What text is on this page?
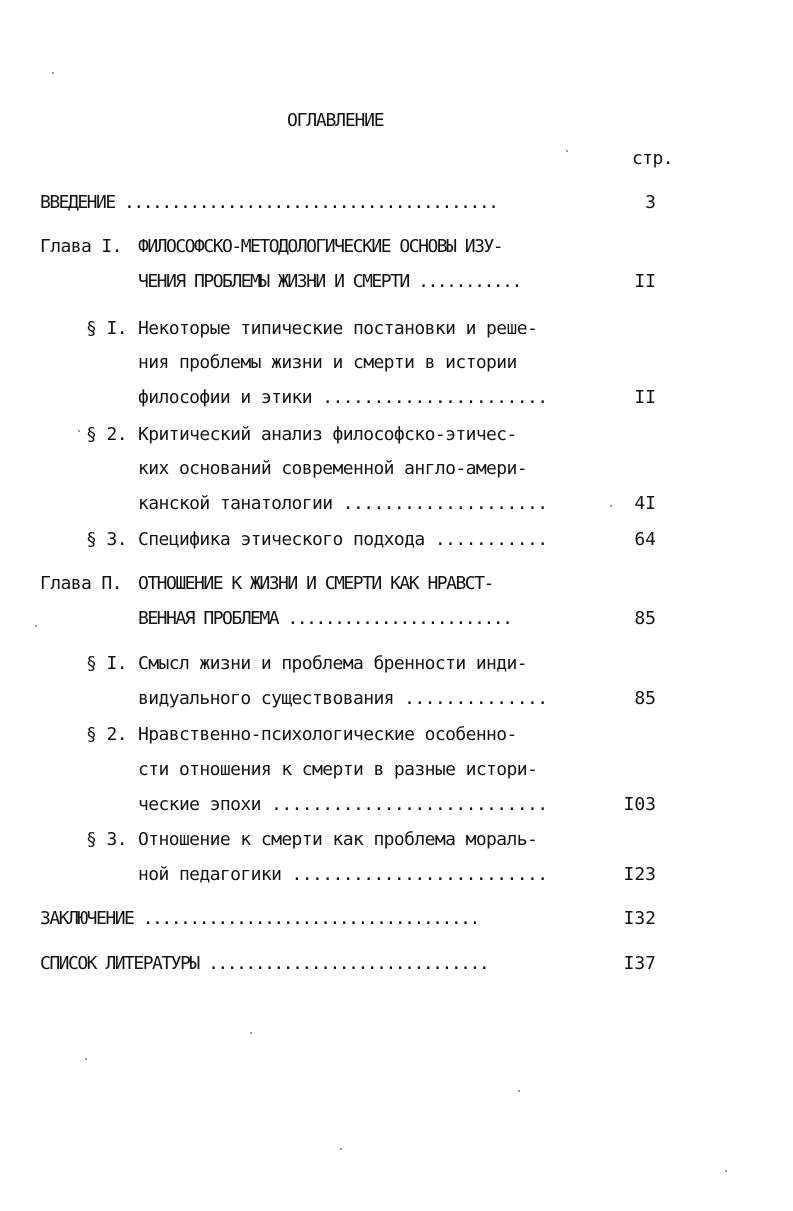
ОГЛАВЛЕНИЕ
стр.
ВВЕДЕНИЕ ........................................	3
Глава I. ФИЛОСОФСКО-МЕТОДОЛОГИЧЕСКИЕ ОСНОВЫ ИЗУ-
ЧЕНИЯ ПРОБЛЕМЫ ЖИЗНИ И СМЕРТИ ...........	II
§ I. Некоторые типические постановки и реше-
ния проблемы жизни и смерти в истории
философии и этики ......................	II
§ 2. Критический анализ философско-этичес-
ких оснований современной англо-амери-
канской танатологии ....................	4I
§ 3. Специфика этического подхода ...........	64
Глава П. ОТНОШЕНИЕ К ЖИЗНИ И СМЕРТИ КАК НРАВСТ-
ВЕННАЯ ПРОБЛЕМА ........................	85
§ I. Смысл жизни и проблема бренности инди-
видуального существования ..............	85
§ 2. Нравственно-психологические особенно-
сти отношения к смерти в разные истори-
ческие эпохи ...........................	I03
§ 3. Отношение к смерти как проблема мораль-
ной педагогики .........................	I23
ЗАКЛЮЧЕНИЕ ....................................	I32
СПИСОК ЛИТЕРАТУРЫ ..............................	I37
